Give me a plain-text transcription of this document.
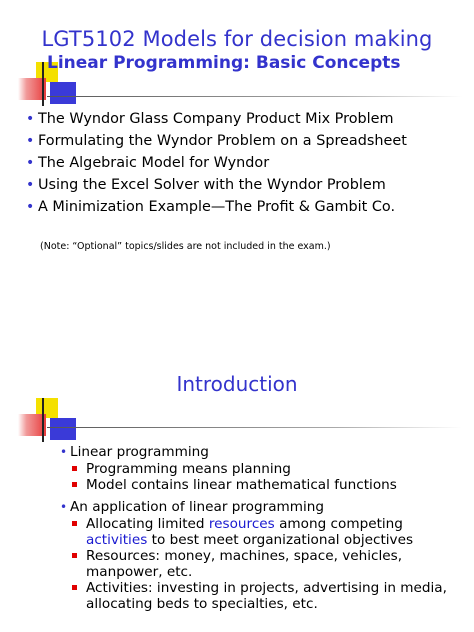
LGT5102 Models for decision making
Linear Programming: Basic Concepts
• The Wyndor Glass Company Product Mix Problem
• Formulating the Wyndor Problem on a Spreadsheet
• The Algebraic Model for Wyndor
• Using the Excel Solver with the Wyndor Problem
• A Minimization Example—The Profit & Gambit Co.
(Note: “Optional” topics/slides are not included in the exam.)
Introduction
• Linear programming
Programming means planning
Model contains linear mathematical functions
• An application of linear programming
Allocating limited resources among competing activities to best meet organizational objectives
Resources: money, machines, space, vehicles, manpower, etc.
Activities: investing in projects, advertising in media, allocating beds to specialties, etc.
